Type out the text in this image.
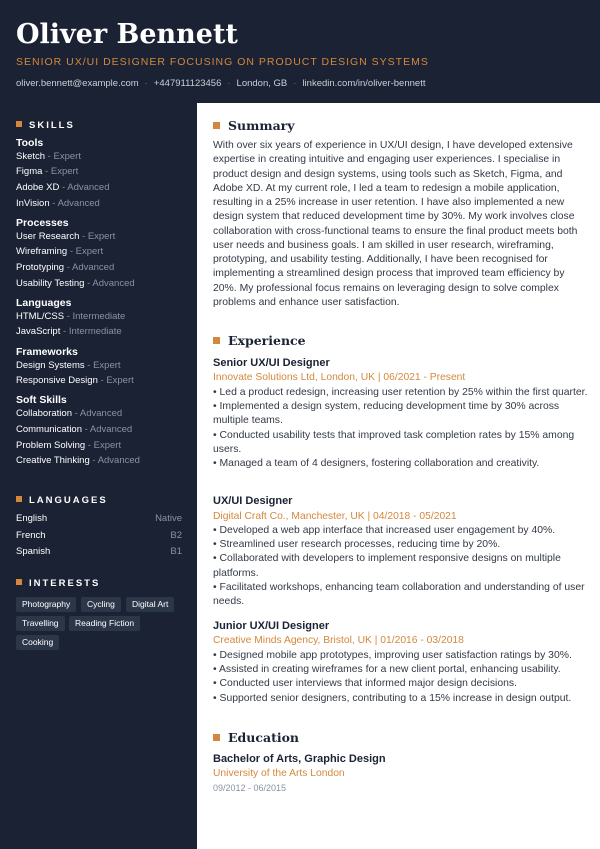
Oliver Bennett
SENIOR UX/UI DESIGNER FOCUSING ON PRODUCT DESIGN SYSTEMS
oliver.bennett@example.com · +447911123456 · London, GB · linkedin.com/in/oliver-bennett
SKILLS
Tools
Sketch - Expert
Figma - Expert
Adobe XD - Advanced
InVision - Advanced
Processes
User Research - Expert
Wireframing - Expert
Prototyping - Advanced
Usability Testing - Advanced
Languages
HTML/CSS - Intermediate
JavaScript - Intermediate
Frameworks
Design Systems - Expert
Responsive Design - Expert
Soft Skills
Collaboration - Advanced
Communication - Advanced
Problem Solving - Expert
Creative Thinking - Advanced
LANGUAGES
English	Native
French	B2
Spanish	B1
INTERESTS
Photography	Cycling	Digital Art
Travelling	Reading Fiction
Cooking
Summary

With over six years of experience in UX/UI design, I have developed extensive expertise in creating intuitive and engaging user experiences. I specialise in product design and design systems, using tools such as Sketch, Figma, and Adobe XD. At my current role, I led a team to redesign a mobile application, resulting in a 25% increase in user retention. I have also implemented a new design system that reduced development time by 30%. My work involves close collaboration with cross-functional teams to ensure the final product meets both user needs and business goals. I am skilled in user research, wireframing, prototyping, and usability testing. Additionally, I have been recognised for implementing a streamlined design process that improved team efficiency by 20%. My professional focus remains on leveraging design to solve complex problems and enhance user satisfaction.

Experience
Senior UX/UI Designer
Innovate Solutions Ltd, London, UK | 06/2021 - Present
• Led a product redesign, increasing user retention by 25% within the first quarter.
• Implemented a design system, reducing development time by 30% across multiple teams.
• Conducted usability tests that improved task completion rates by 15% among users.
• Managed a team of 4 designers, fostering collaboration and creativity.
UX/UI Designer
Digital Craft Co., Manchester, UK | 04/2018 - 05/2021
• Developed a web app interface that increased user engagement by 40%.
• Streamlined user research processes, reducing time by 20%.
• Collaborated with developers to implement responsive designs on multiple platforms.
• Facilitated workshops, enhancing team collaboration and understanding of user needs.
Junior UX/UI Designer
Creative Minds Agency, Bristol, UK | 01/2016 - 03/2018
• Designed mobile app prototypes, improving user satisfaction ratings by 30%.
• Assisted in creating wireframes for a new client portal, enhancing usability.
• Conducted user interviews that informed major design decisions.
• Supported senior designers, contributing to a 15% increase in design output.
Education
Bachelor of Arts, Graphic Design
University of the Arts London
09/2012 - 06/2015
